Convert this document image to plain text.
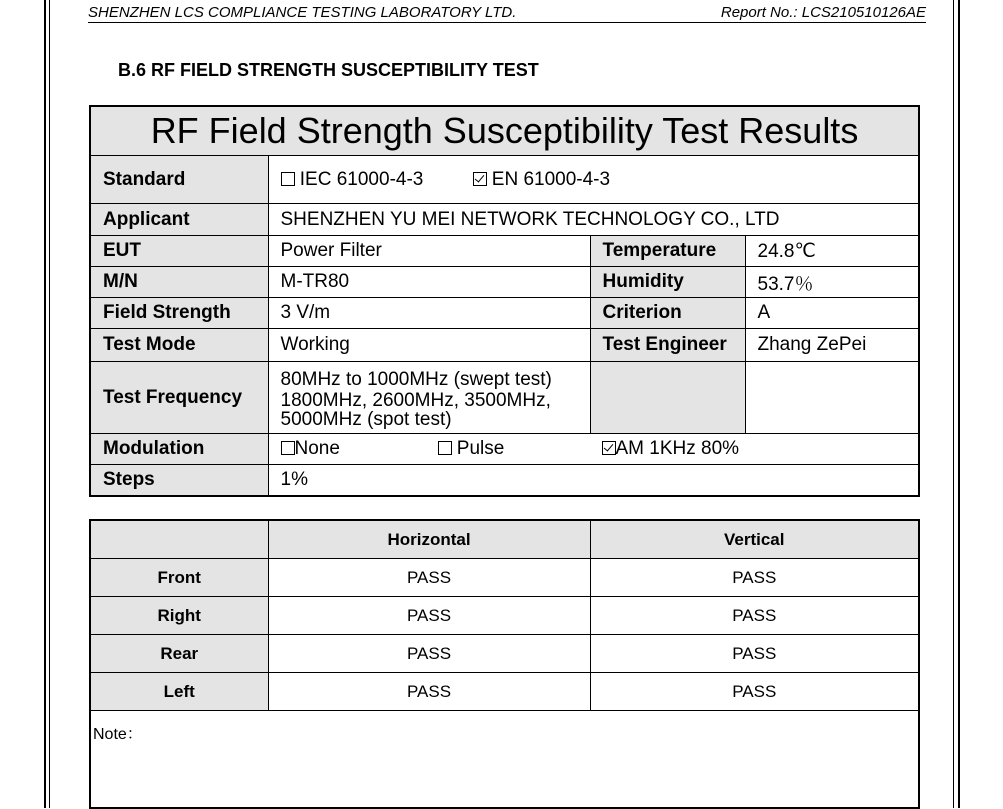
SHENZHEN LCS COMPLIANCE TESTING LABORATORY LTD.	Report No.: LCS210510126AE
B.6 RF FIELD STRENGTH SUSCEPTIBILITY TEST
RF Field Strength Susceptibility Test Results			
Standard	IEC 61000-4-3 EN 61000-4-3		
Applicant	SHENZHEN YU MEI NETWORK TECHNOLOGY CO., LTD		
EUT	Power Filter	Temperature	24.8℃
M/N	M-TR80	Humidity	53.7％
Field Strength	3 V/m	Criterion	A
Test Mode	Working	Test Engineer	Zhang ZePei
Test Frequency	80MHz to 1000MHz (swept test)
1800MHz, 2600MHz, 3500MHz,
5000MHz (spot test)		

Modulation	None Pulse AM 1KHz 80%		
Steps	1%		
	Horizontal	Vertical
Front	PASS	PASS
Right	PASS	PASS
Rear	PASS	PASS
Left	PASS	PASS
Note：		
